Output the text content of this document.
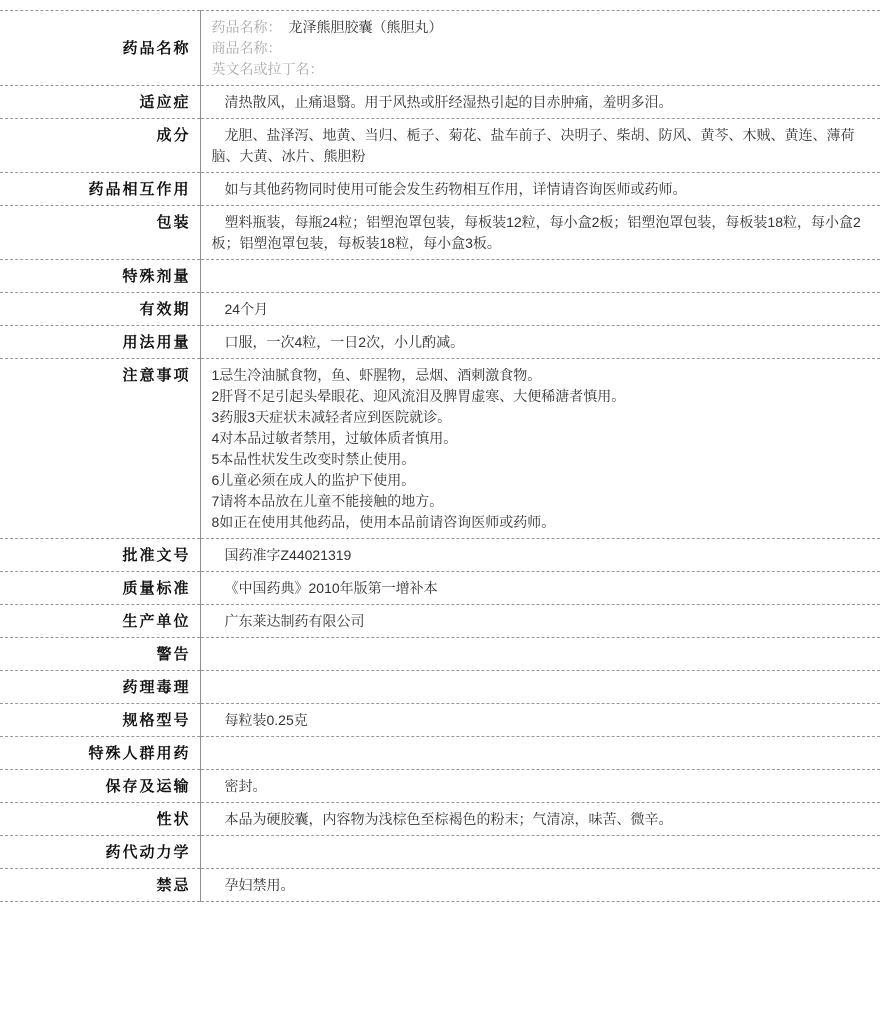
药品名称	药品名称： 龙泽熊胆胶囊（熊胆丸）
商品名称：
英文名或拉丁名：

适应症	清热散风，止痛退翳。用于风热或肝经湿热引起的目赤肿痛，羞明多泪。

成分	龙胆、盐泽泻、地黄、当归、栀子、菊花、盐车前子、决明子、柴胡、防风、黄芩、木贼、黄连、薄荷脑、大黄、冰片、熊胆粉

药品相互作用	如与其他药物同时使用可能会发生药物相互作用，详情请咨询医师或药师。

包装	塑料瓶装，每瓶24粒；铝塑泡罩包装，每板装12粒，每小盒2板；铝塑泡罩包装，每板装18粒，每小盒2板；铝塑泡罩包装，每板装18粒，每小盒3板。

特殊剂量	

有效期	24个月

用法用量	口服，一次4粒，一日2次，小儿酌减。

注意事项	1忌生冷油腻食物，鱼、虾腥物，忌烟、酒刺激食物。
2肝肾不足引起头晕眼花、迎风流泪及脾胃虚寒、大便稀溏者慎用。
3药服3天症状未减轻者应到医院就诊。
4对本品过敏者禁用，过敏体质者慎用。
5本品性状发生改变时禁止使用。
6儿童必须在成人的监护下使用。
7请将本品放在儿童不能接触的地方。
8如正在使用其他药品，使用本品前请咨询医师或药师。

批准文号	国药准字Z44021319

质量标准	《中国药典》2010年版第一增补本

生产单位	广东莱达制药有限公司

警告	

药理毒理	

规格型号	每粒装0.25克

特殊人群用药	

保存及运输	密封。

性状	本品为硬胶囊，内容物为浅棕色至棕褐色的粉末；气清凉，味苦、微辛。

药代动力学	

禁忌	孕妇禁用。
